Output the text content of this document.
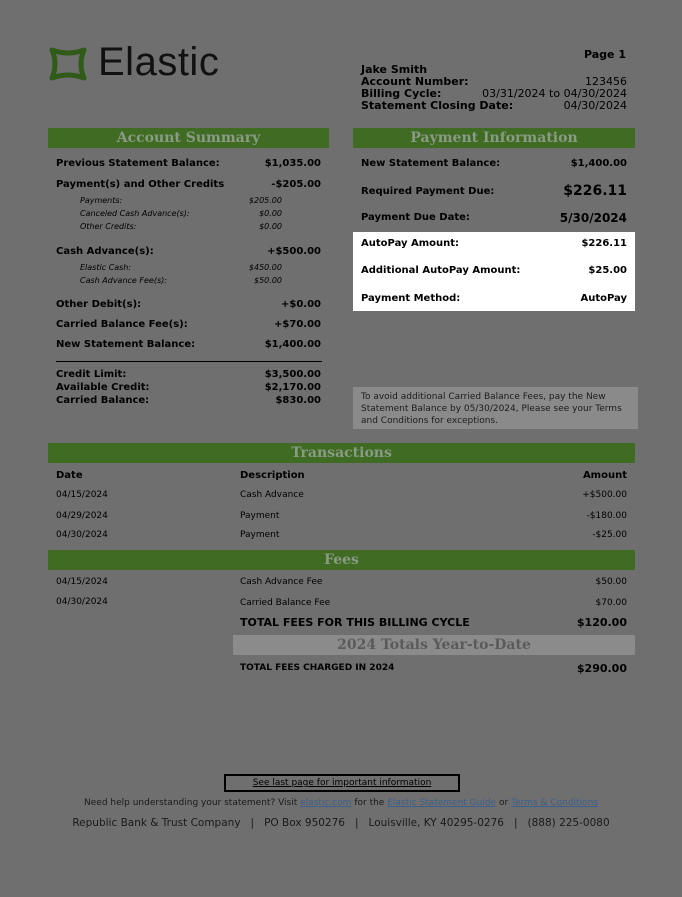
Elastic	Page 1
Jake Smith
Account Number:	123456
Billing Cycle:	03/31/2024 to 04/30/2024
Statement Closing Date:	04/30/2024
Account Summary
Previous Statement Balance:	$1,035.00
Payment(s) and Other Credits	-$205.00
Payments:	$205.00
Canceled Cash Advance(s):	$0.00
Other Credits:	$0.00
Cash Advance(s):	+$500.00
Elastic Cash:	$450.00
Cash Advance Fee(s):	$50.00
Other Debit(s):	+$0.00
Carried Balance Fee(s):	+$70.00
New Statement Balance:	$1,400.00
Credit Limit:	$3,500.00
Available Credit:	$2,170.00
Carried Balance:	$830.00
Payment Information
New Statement Balance:	$1,400.00
Required Payment Due:	$226.11
Payment Due Date:	5/30/2024
AutoPay Amount:	$226.11
Additional AutoPay Amount:	$25.00
Payment Method:	AutoPay
To avoid additional Carried Balance Fees, pay the New
Statement Balance by 05/30/2024, Please see your Terms
and Conditions for exceptions.
Transactions
Date	Description	Amount
04/15/2024	Cash Advance	+$500.00
04/29/2024	Payment	-$180.00
04/30/2024	Payment	-$25.00
Fees
04/15/2024	Cash Advance Fee	$50.00
04/30/2024	Carried Balance Fee	$70.00
TOTAL FEES FOR THIS BILLING CYCLE	$120.00
2024 Totals Year-to-Date
TOTAL FEES CHARGED IN 2024	$290.00
See last page for important information
Need help understanding your statement? Visit elastic.com for the Elastic Statement Guide or Terms & Conditions
Republic Bank & Trust Company   |   PO Box 950276   |   Louisville, KY 40295-0276   |   (888) 225-0080
